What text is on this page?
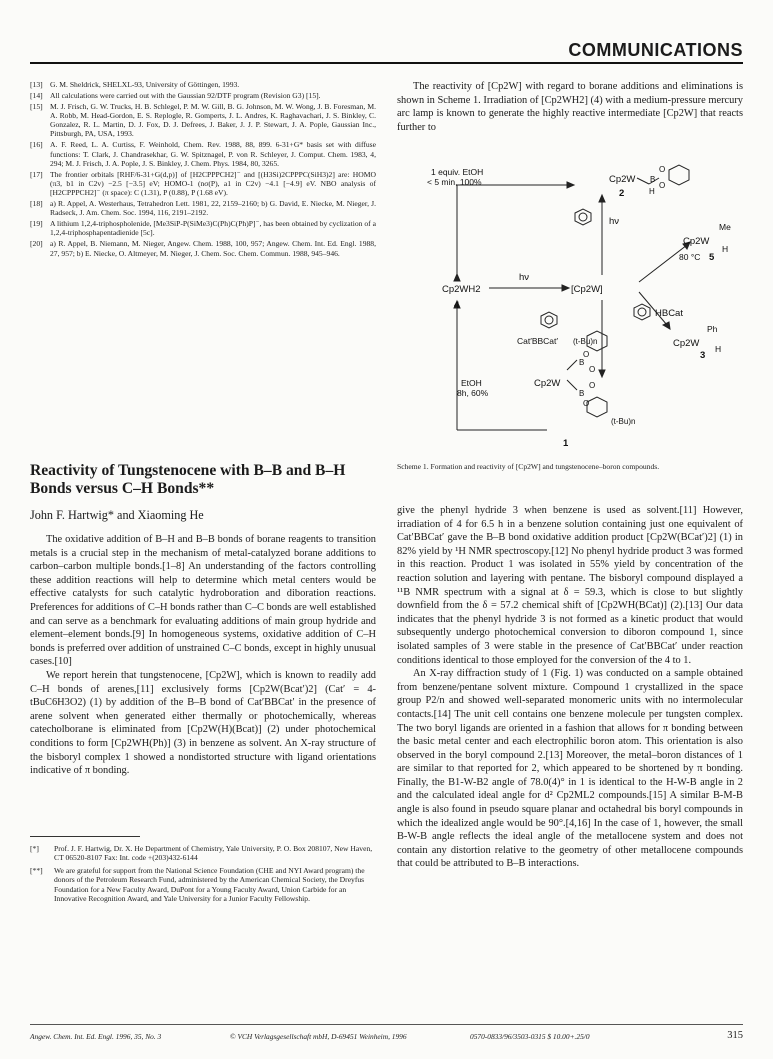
COMMUNICATIONS
[13] G. M. Sheldrick, SHELXL-93, University of Göttingen, 1993.
[14] All calculations were carried out with the Gaussian 92/DTF program (Revision G3) [15].
[15] M. J. Frisch, G. W. Trucks, H. B. Schlegel, P. M. W. Gill, B. G. Johnson, M. W. Wong, J. B. Foresman, M. A. Robb, M. Head-Gordon, E. S. Replogle, R. Gomperts, J. L. Andres, K. Raghavachari, J. S. Binkley, C. Gonzalez, R. L. Martin, D. J. Fox, D. J. Defrees, J. Baker, J. J. P. Stewart, J. A. Pople, Gaussian Inc., Pittsburgh, PA, USA, 1993.
[16] A. F. Reed, L. A. Curtiss, F. Weinhold, Chem. Rev. 1988, 88, 899. 6-31+G* basis set with diffuse functions: T. Clark, J. Chandrasekhar, G. W. Spitznagel, P. von R. Schleyer, J. Comput. Chem. 1983, 4, 294; M. J. Frisch, J. A. Pople, J. S. Binkley, J. Chem. Phys. 1984, 80, 3265.
[17] The frontier orbitals [RHF/6-31+G(d,p)] of [H2CPPPCH2]⁻ and [(H3Si)2CPPPC(SiH3)2] are: HOMO (π3, b1 in C2v) −2.5 [−3.5] eV; HOMO-1 (nσ(P), a1 in C2v) −4.1 [−4.9] eV. NBO analysis of [H2CPPPCH2]⁻ (π space): C (1.31), P (0.88), P (1.68 eV).
[18] a) R. Appel, A. Westerhaus, Tetrahedron Lett. 1981, 22, 2159–2160; b) G. David, E. Niecke, M. Nieger, J. Radseck, J. Am. Chem. Soc. 1994, 116, 2191–2192.
[19] A lithium 1,2,4-triphospholenide, [Me3SiP-P(SiMe3)C(Ph)C(Ph)P]⁻, has been obtained by cyclization of a 1,2,4-triphosphapentadienide [5c].
[20] a) R. Appel, B. Niemann, M. Nieger, Angew. Chem. 1988, 100, 957; Angew. Chem. Int. Ed. Engl. 1988, 27, 957; b) E. Niecke, O. Altmeyer, M. Nieger, J. Chem. Soc. Chem. Commun. 1988, 945–946.
Reactivity of Tungstenocene with B–B and B–H Bonds versus C–H Bonds**

John F. Hartwig* and Xiaoming He

The oxidative addition of B–H and B–B bonds of borane reagents to transition metals is a crucial step in the mechanism of metal-catalyzed borane additions to carbon–carbon multiple bonds.[1–8] An understanding of the factors controlling these addition reactions will help to determine which metal centers would be effective catalysts for such catalytic hydroboration and diboration reactions. Preferences for additions of C–H bonds rather than C–C bonds are well established and can serve as a benchmark for evaluating additions of main group hydride and element–element bonds.[9] In homogeneous systems, oxidative addition of C–H bonds is preferred over addition of unstrained C–C bonds, except in highly unusual cases.[10]

We report herein that tungstenocene, [Cp2W], which is known to readily add C–H bonds of arenes,[11] exclusively forms [Cp2W(Bcat′)2] (Cat′ = 4-tBuC6H3O2) (1) by addition of the B–B bond of Cat′BBCat′ in the presence of arene solvent when generated either thermally or photochemically, whereas catecholborane is eliminated from [Cp2W(H)(Bcat)] (2) under photochemical conditions to form [Cp2WH(Ph)] (3) in benzene as solvent. An X-ray structure of the bisboryl complex 1 showed a nondistorted structure with ligand orientations indicative of π bonding.

[*]	Prof. J. F. Hartwig, Dr. X. He Department of Chemistry, Yale University, P. O. Box 208107, New Haven, CT 06520-8107 Fax: Int. code +(203)432-6144
[**]	We are grateful for support from the National Science Foundation (CHE and NYI Award program) the donors of the Petroleum Research Fund, administered by the American Chemical Society, the Dreyfus Foundation for a New Faculty Award, DuPont for a Young Faculty Award, Union Carbide for an Innovative Recognition Award, and Yale University for a Junior Faculty Fellowship.

The reactivity of [Cp2W] with regard to borane additions and eliminations is shown in Scheme 1. Irradiation of [Cp2WH2] (4) with a medium-pressure mercury arc lamp is known to generate the highly reactive intermediate [Cp2W] that reacts further to

[Cp2W]
Cp2WH2
4
hν
hν
1 equiv. EtOH
< 5 min, 100%
EtOH
8h, 60%
Cp2W B
H
O
O
2
Cp2W
Me
H
5
80 °C
HBCat
Cp2W
Ph
H
3
Cat′BBCat′ (t-Bu)n
Cp2W
B
B
O
O
O
O
(t-Bu)n
1

Scheme 1. Formation and reactivity of [Cp2W] and tungstenocene–boron compounds.

give the phenyl hydride 3 when benzene is used as solvent.[11] However, irradiation of 4 for 6.5 h in a benzene solution containing just one equivalent of Cat′BBCat′ gave the B–B bond oxidative addition product [Cp2W(BCat′)2] (1) in 82% yield by ¹H NMR spectroscopy.[12] No phenyl hydride product 3 was formed in this reaction. Product 1 was isolated in 55% yield by concentration of the reaction solution and layering with pentane. The bisboryl compound displayed a ¹¹B NMR spectrum with a signal at δ = 59.3, which is close to but slightly downfield from the δ = 57.2 chemical shift of [Cp2WH(BCat)] (2).[13] Our data indicates that the phenyl hydride 3 is not formed as a kinetic product that would subsequently undergo photochemical conversion to diboron compound 1, since isolated samples of 3 were stable in the presence of Cat′BBCat′ under reaction conditions identical to those employed for the conversion of the 4 to 1.

An X-ray diffraction study of 1 (Fig. 1) was conducted on a sample obtained from benzene/pentane solvent mixture. Compound 1 crystallized in the space group P2/n and showed well-separated monomeric units with no intermolecular contacts.[14] The unit cell contains one benzene molecule per tungsten complex. The two boryl ligands are oriented in a fashion that allows for π bonding between the basic metal center and each electrophilic boron atom. This orientation is also observed in the boryl compound 2.[13] Moreover, the metal–boron distances of 1 are similar to that reported for 2, which appeared to be shortened by π bonding. Finally, the B1-W-B2 angle of 78.0(4)° in 1 is identical to the H-W-B angle in 2 and the calculated ideal angle for d² Cp2ML2 compounds.[15] A similar B-M-B angle is also found in pseudo square planar and octahedral bis boryl compounds in which the idealized angle would be 90°.[4,16] In the case of 1, however, the small B-W-B angle reflects the ideal angle of the metallocene system and does not contain any distortion relative to the geometry of other metallocene compounds that could be attributed to B–B interactions.

Angew. Chem. Int. Ed. Engl. 1996, 35, No. 3	© VCH Verlagsgesellschaft mbH, D-69451 Weinheim, 1996	0570-0833/96/3503-0315 $ 10.00+.25/0	315
